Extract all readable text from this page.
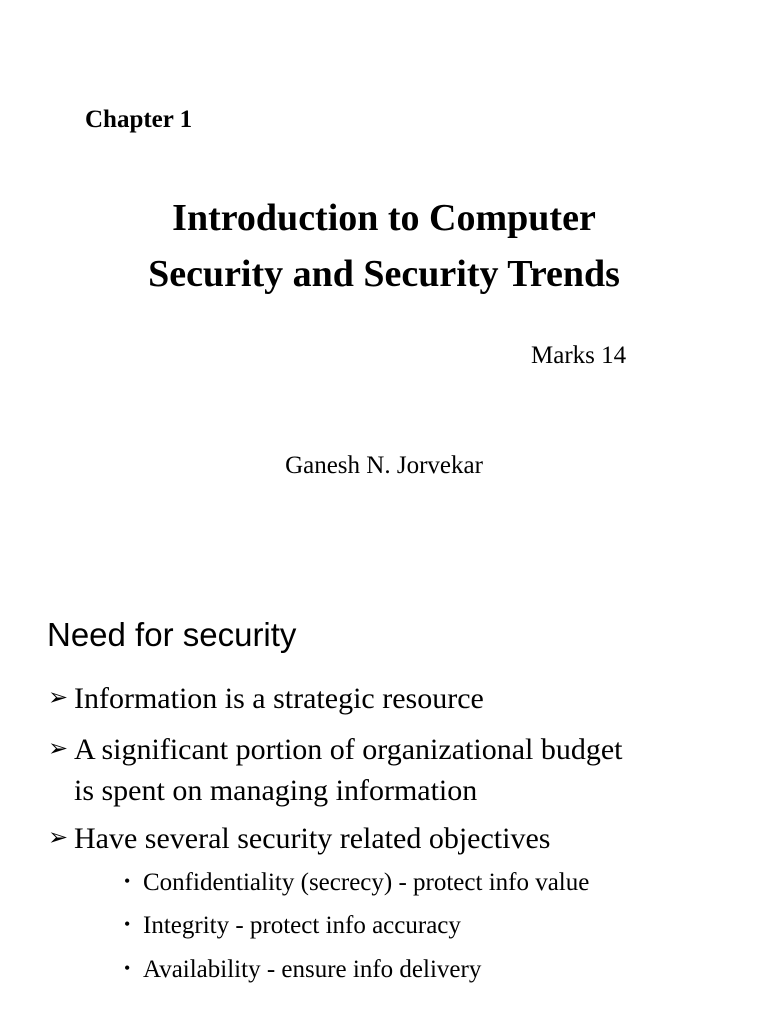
Chapter 1
Introduction to Computer
Security and Security Trends
Marks 14
Ganesh N. Jorvekar
Need for security
➢ Information is a strategic resource
➢ A significant portion of organizational budget
is spent on managing information
➢ Have several security related objectives
• Confidentiality (secrecy) - protect info value
• Integrity - protect info accuracy
• Availability - ensure info delivery
